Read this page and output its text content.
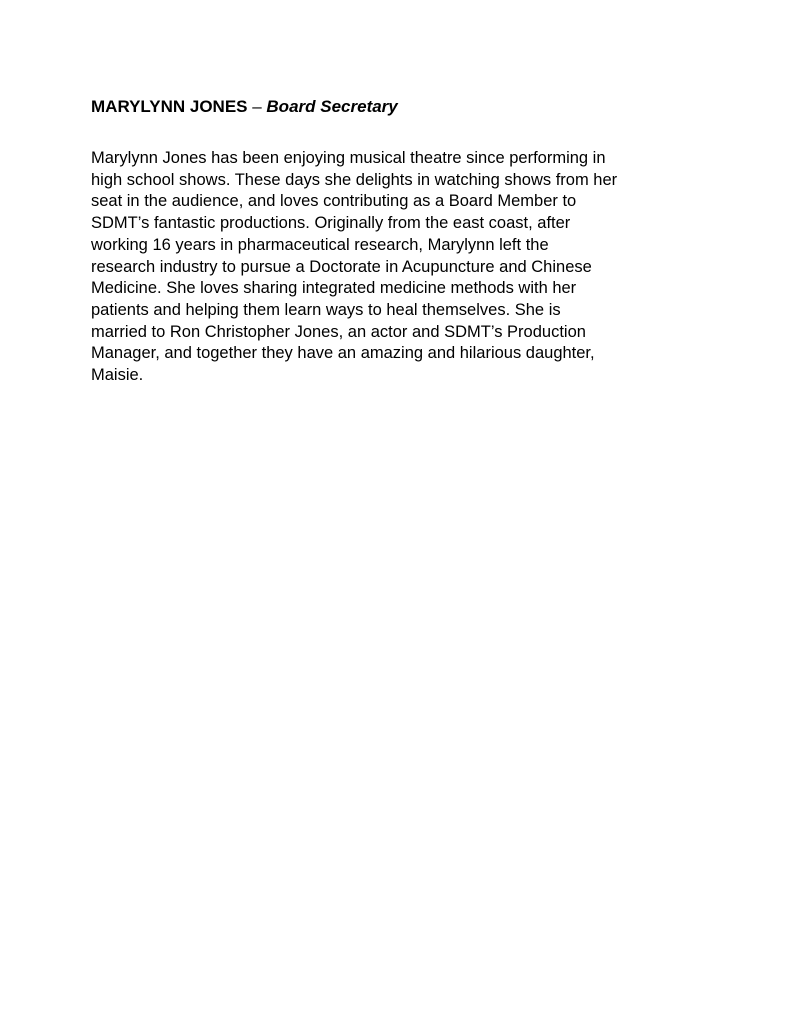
MARYLYNN JONES – Board Secretary

Marylynn Jones has been enjoying musical theatre since performing in
high school shows. These days she delights in watching shows from her
seat in the audience, and loves contributing as a Board Member to
SDMT’s fantastic productions. Originally from the east coast, after
working 16 years in pharmaceutical research, Marylynn left the
research industry to pursue a Doctorate in Acupuncture and Chinese
Medicine. She loves sharing integrated medicine methods with her
patients and helping them learn ways to heal themselves. She is
married to Ron Christopher Jones, an actor and SDMT’s Production
Manager, and together they have an amazing and hilarious daughter,
Maisie.
